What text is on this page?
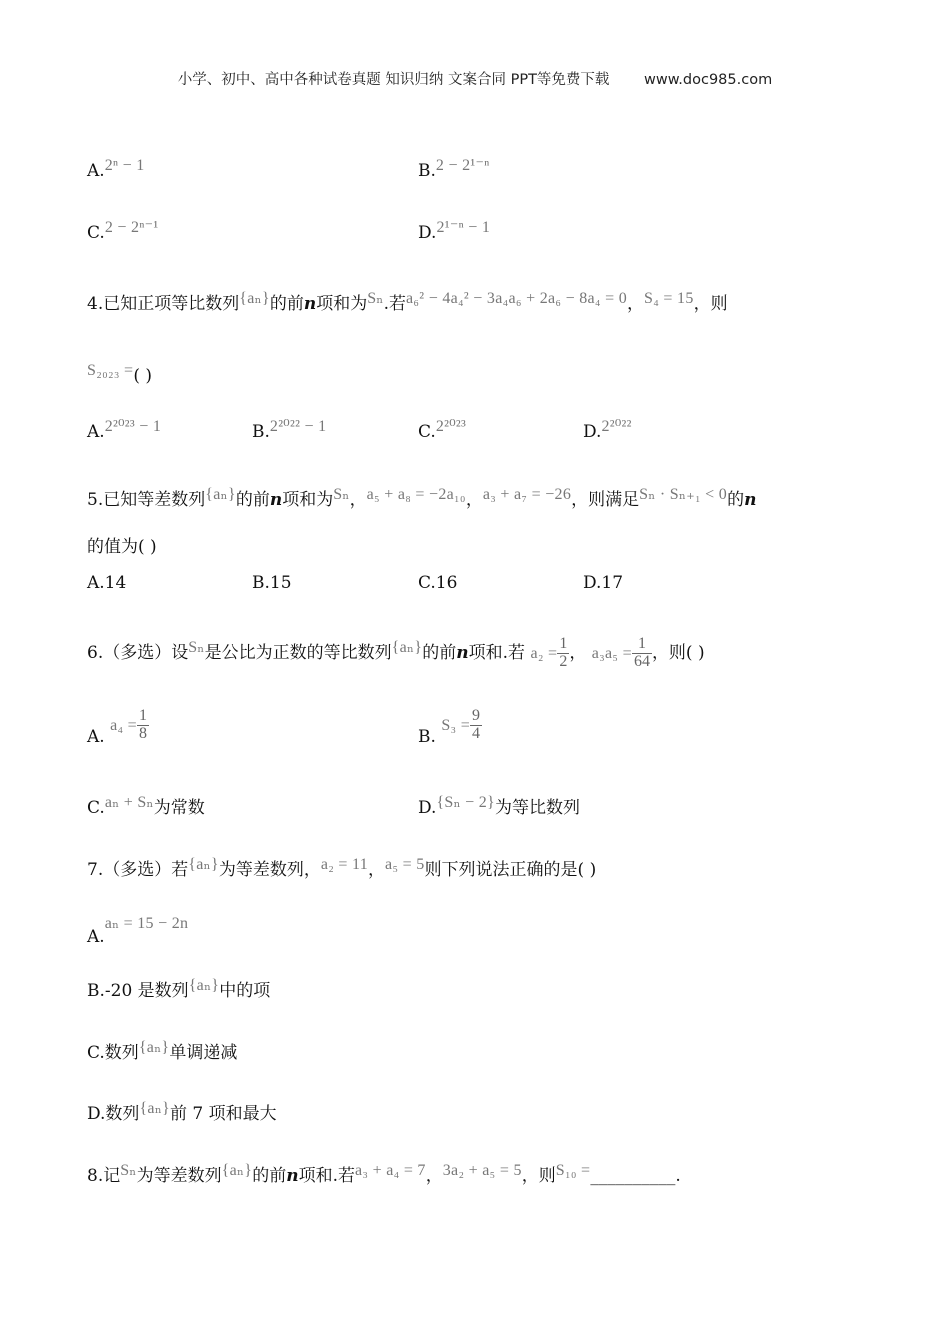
小学、初中、高中各种试卷真题 知识归纳 文案合同 PPT等免费下载 www.doc985.com
A.2ⁿ − 1	B.2 − 2¹⁻ⁿ
C.2 − 2ⁿ⁻¹	D.2¹⁻ⁿ − 1
4.已知正项等比数列{aₙ}的前n项和为Sₙ.若a₆² − 4a₄² − 3a₄a₆ + 2a₆ − 8a₄ = 0，S₄ = 15，则
S₂₀₂₃ =( )
A.2²⁰²³ − 1	B.2²⁰²² − 1	C.2²⁰²³	D.2²⁰²²
5.已知等差数列{aₙ}的前n项和为Sₙ，a₅ + a₈ = −2a₁₀，a₃ + a₇ = −26，则满足Sₙ · Sₙ₊₁ < 0的n
的值为( )
A.14	B.15	C.16	D.17
6.（多选）设Sₙ是公比为正数的等比数列{aₙ}的前n项和.若 $a_2 = \frac{1}{2}$ ， $a_3a_5 = \frac{1}{64}$ ，则( )
A. $a_4 = \frac{1}{8}$	B. $S_3 = \frac{9}{4}$
C.aₙ + Sₙ为常数	D.{Sₙ − 2}为等比数列
7.（多选）若{aₙ}为等差数列，a₂ = 11，a₅ = 5则下列说法正确的是( )
A.aₙ = 15 − 2n
B.-20 是数列{aₙ}中的项
C.数列{aₙ}单调递减
D.数列{aₙ}前 7 项和最大
8.记Sₙ为等差数列{aₙ}的前n项和.若a₃ + a₄ = 7，3a₂ + a₅ = 5，则S₁₀ =__________.
